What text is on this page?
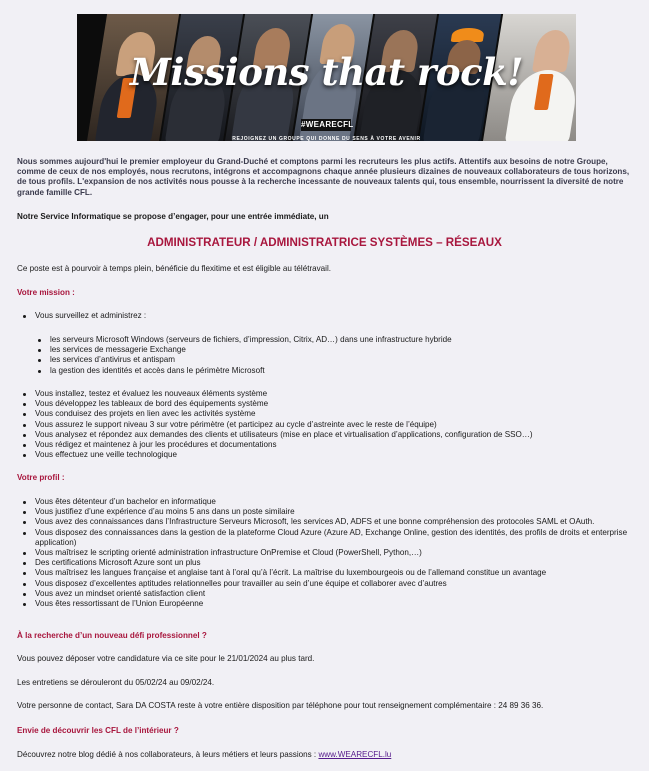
Missions that rock!
#WEARECFL
REJOIGNEZ UN GROUPE QUI DONNE DU SENS À VOTRE AVENIR

Nous sommes aujourd'hui le premier employeur du Grand-Duché et comptons parmi les recruteurs les plus actifs. Attentifs aux besoins de notre Groupe, comme de ceux de nos employés, nous recrutons, intégrons et accompagnons chaque année plusieurs dizaines de nouveaux collaborateurs de tous horizons, de tous profils. L'expansion de nos activités nous pousse à la recherche incessante de nouveaux talents qui, tous ensemble, nourrissent la diversité de notre grande famille CFL.

Notre Service Informatique se propose d’engager, pour une entrée immédiate, un

ADMINISTRATEUR / ADMINISTRATRICE SYSTÈMES – RÉSEAUX

Ce poste est à pourvoir à temps plein, bénéficie du flexitime et est éligible au télétravail.

Votre mission :

Vous surveillez et administrez :
les serveurs Microsoft Windows (serveurs de fichiers, d’impression, Citrix, AD…) dans une infrastructure hybride
les services de messagerie Exchange
les services d’antivirus et antispam
la gestion des identités et accès dans le périmètre Microsoft
Vous installez, testez et évaluez les nouveaux éléments système
Vous développez les tableaux de bord des équipements système
Vous conduisez des projets en lien avec les activités système
Vous assurez le support niveau 3 sur votre périmètre (et participez au cycle d’astreinte avec le reste de l’équipe)
Vous analysez et répondez aux demandes des clients et utilisateurs (mise en place et virtualisation d’applications, configuration de SSO…)
Vous rédigez et maintenez à jour les procédures et documentations
Vous effectuez une veille technologique

Votre profil :

Vous êtes détenteur d’un bachelor en informatique
Vous justifiez d’une expérience d’au moins 5 ans dans un poste similaire
Vous avez des connaissances dans l’Infrastructure Serveurs Microsoft, les services AD, ADFS et une bonne compréhension des protocoles SAML et OAuth.
Vous disposez des connaissances dans la gestion de la plateforme Cloud Azure (Azure AD, Exchange Online, gestion des identités, des profils de droits et enterprise application)
Vous maîtrisez le scripting orienté administration infrastructure OnPremise et Cloud (PowerShell, Python,…)
Des certifications Microsoft Azure sont un plus
Vous maîtrisez les langues française et anglaise tant à l’oral qu’à l’écrit. La maîtrise du luxembourgeois ou de l’allemand constitue un avantage
Vous disposez d’excellentes aptitudes relationnelles pour travailler au sein d’une équipe et collaborer avec d’autres
Vous avez un mindset orienté satisfaction client
Vous êtes ressortissant de l’Union Européenne

À la recherche d’un nouveau défi professionnel ?

Vous pouvez déposer votre candidature via ce site pour le 21/01/2024 au plus tard.

Les entretiens se dérouleront du 05/02/24 au 09/02/24.

Votre personne de contact, Sara DA COSTA reste à votre entière disposition par téléphone pour tout renseignement complémentaire : 24 89 36 36.

Envie de découvrir les CFL de l’intérieur ?

Découvrez notre blog dédié à nos collaborateurs, à leurs métiers et leurs passions : www.WEARECFL.lu
